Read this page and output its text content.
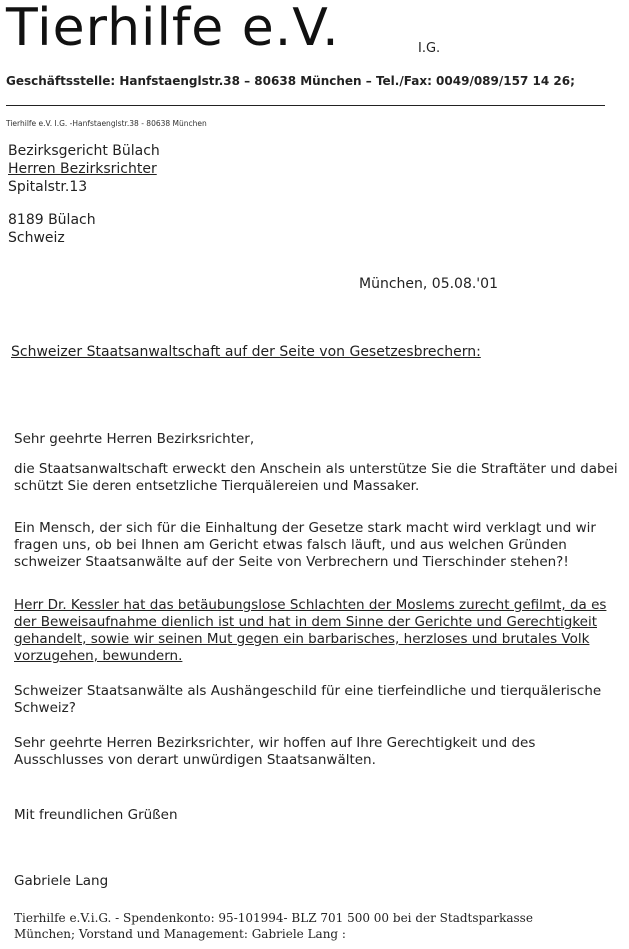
Tierhilfe e.V.	I.G.
Geschäftsstelle: Hanfstaenglstr.38 – 80638 München – Tel./Fax: 0049/089/157 14 26;
Tierhilfe e.V. I.G. -Hanfstaenglstr.38 - 80638 München
Bezirksgericht Bülach
Herren Bezirksrichter
Spitalstr.13
8189 Bülach
Schweiz
München, 05.08.'01
Schweizer Staatsanwaltschaft auf der Seite von Gesetzesbrechern:
Sehr geehrte Herren Bezirksrichter,
die Staatsanwaltschaft erweckt den Anschein als unterstütze Sie die Straftäter und dabei schützt Sie deren entsetzliche Tierquälereien und Massaker.
Ein Mensch, der sich für die Einhaltung der Gesetze stark macht wird verklagt und wir fragen uns, ob bei Ihnen am Gericht etwas falsch läuft, und aus welchen Gründen schweizer Staatsanwälte auf der Seite von Verbrechern und Tierschinder stehen?!
Herr Dr. Kessler hat das betäubungslose Schlachten der Moslems zurecht gefilmt, da es der Beweisaufnahme dienlich ist und hat in dem Sinne der Gerichte und Gerechtigkeit gehandelt, sowie wir seinen Mut gegen ein barbarisches, herzloses und brutales Volk vorzugehen, bewundern.
Schweizer Staatsanwälte als Aushängeschild für eine tierfeindliche und tierquälerische Schweiz?
Sehr geehrte Herren Bezirksrichter, wir hoffen auf Ihre Gerechtigkeit und des Ausschlusses von derart unwürdigen Staatsanwälten.
Mit freundlichen Grüßen
Gabriele Lang
Tierhilfe e.V.i.G. - Spendenkonto: 95-101994- BLZ 701 500 00 bei der Stadtsparkasse
München; Vorstand und Management: Gabriele Lang :
